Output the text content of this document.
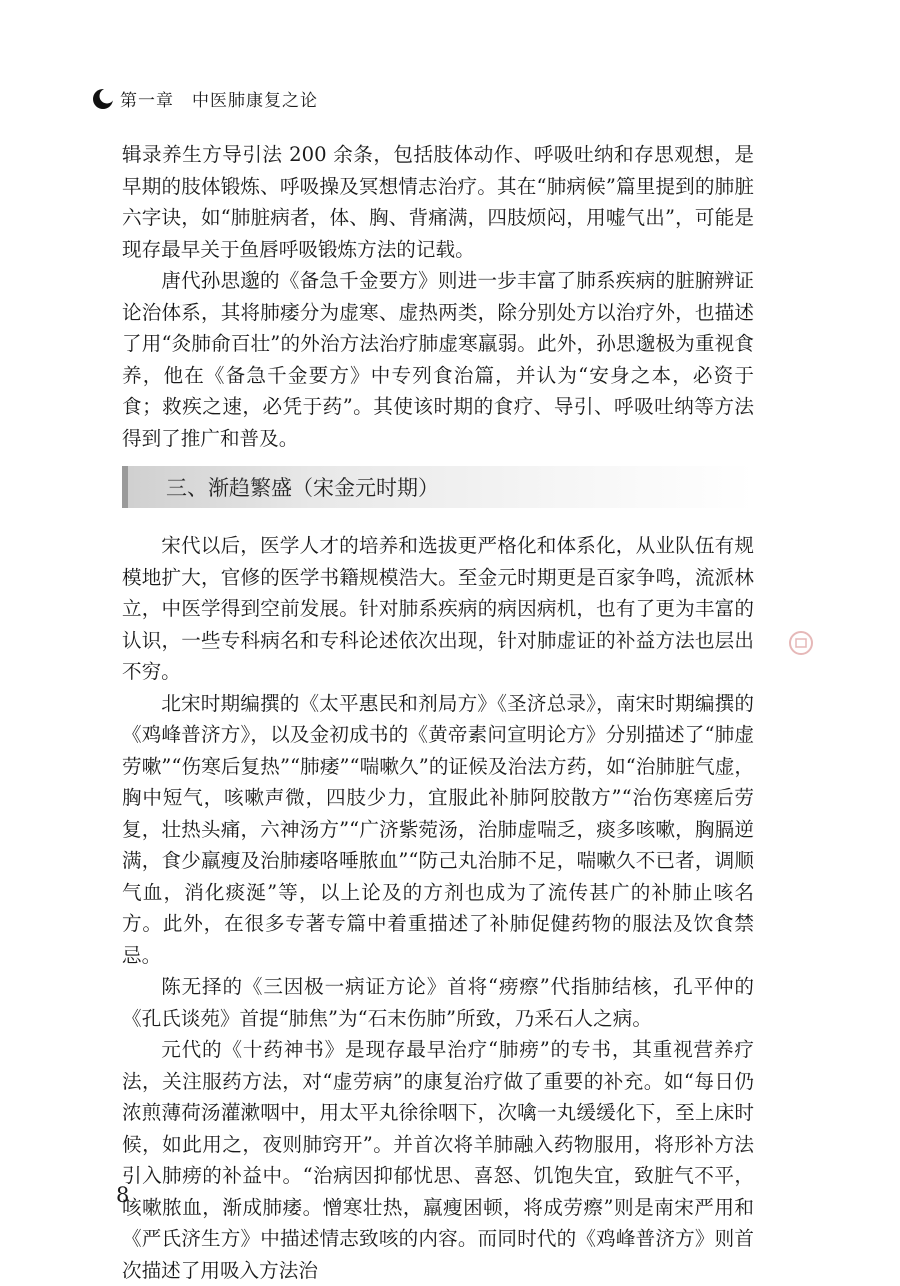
第一章 中医肺康复之论

辑录养生方导引法 200 余条，包括肢体动作、呼吸吐纳和存思观想，是早期的肢体锻炼、呼吸操及冥想情志治疗。其在“肺病候”篇里提到的肺脏六字诀，如“肺脏病者，体、胸、背痛满，四肢烦闷，用嘘气出”，可能是现存最早关于鱼唇呼吸锻炼方法的记载。

唐代孙思邈的《备急千金要方》则进一步丰富了肺系疾病的脏腑辨证论治体系，其将肺痿分为虚寒、虚热两类，除分别处方以治疗外，也描述了用“灸肺俞百壮”的外治方法治疗肺虚寒羸弱。此外，孙思邈极为重视食养，他在《备急千金要方》中专列食治篇，并认为“安身之本，必资于食；救疾之速，必凭于药”。其使该时期的食疗、导引、呼吸吐纳等方法得到了推广和普及。

三、渐趋繁盛（宋金元时期）

宋代以后，医学人才的培养和选拔更严格化和体系化，从业队伍有规模地扩大，官修的医学书籍规模浩大。至金元时期更是百家争鸣，流派林立，中医学得到空前发展。针对肺系疾病的病因病机，也有了更为丰富的认识，一些专科病名和专科论述依次出现，针对肺虚证的补益方法也层出不穷。

北宋时期编撰的《太平惠民和剂局方》《圣济总录》，南宋时期编撰的《鸡峰普济方》，以及金初成书的《黄帝素问宣明论方》分别描述了“肺虚劳嗽”“伤寒后复热”“肺痿”“喘嗽久”的证候及治法方药，如“治肺脏气虚，胸中短气，咳嗽声微，四肢少力，宜服此补肺阿胶散方”“治伤寒瘥后劳复，壮热头痛，六神汤方”“广济紫菀汤，治肺虚喘乏，痰多咳嗽，胸膈逆满，食少羸瘦及治肺痿咯唾脓血”“防己丸治肺不足，喘嗽久不已者，调顺气血，消化痰涎”等，以上论及的方剂也成为了流传甚广的补肺止咳名方。此外，在很多专著专篇中着重描述了补肺促健药物的服法及饮食禁忌。

陈无择的《三因极一病证方论》首将“痨瘵”代指肺结核，孔平仲的《孔氏谈苑》首提“肺焦”为“石末伤肺”所致，乃釆石人之病。

元代的《十药神书》是现存最早治疗“肺痨”的专书，其重视营养疗法，关注服药方法，对“虚劳病”的康复治疗做了重要的补充。如“每日仍浓煎薄荷汤灌漱咽中，用太平丸徐徐咽下，次噙一丸缓缓化下，至上床时候，如此用之，夜则肺窍开”。并首次将羊肺融入药物服用，将形补方法引入肺痨的补益中。“治病因抑郁忧思、喜怒、饥饱失宜，致脏气不平，咳嗽脓血，渐成肺痿。憎寒壮热，羸瘦困顿，将成劳瘵”则是南宋严用和《严氏济生方》中描述情志致咳的内容。而同时代的《鸡峰普济方》则首次描述了用吸入方法治

8
